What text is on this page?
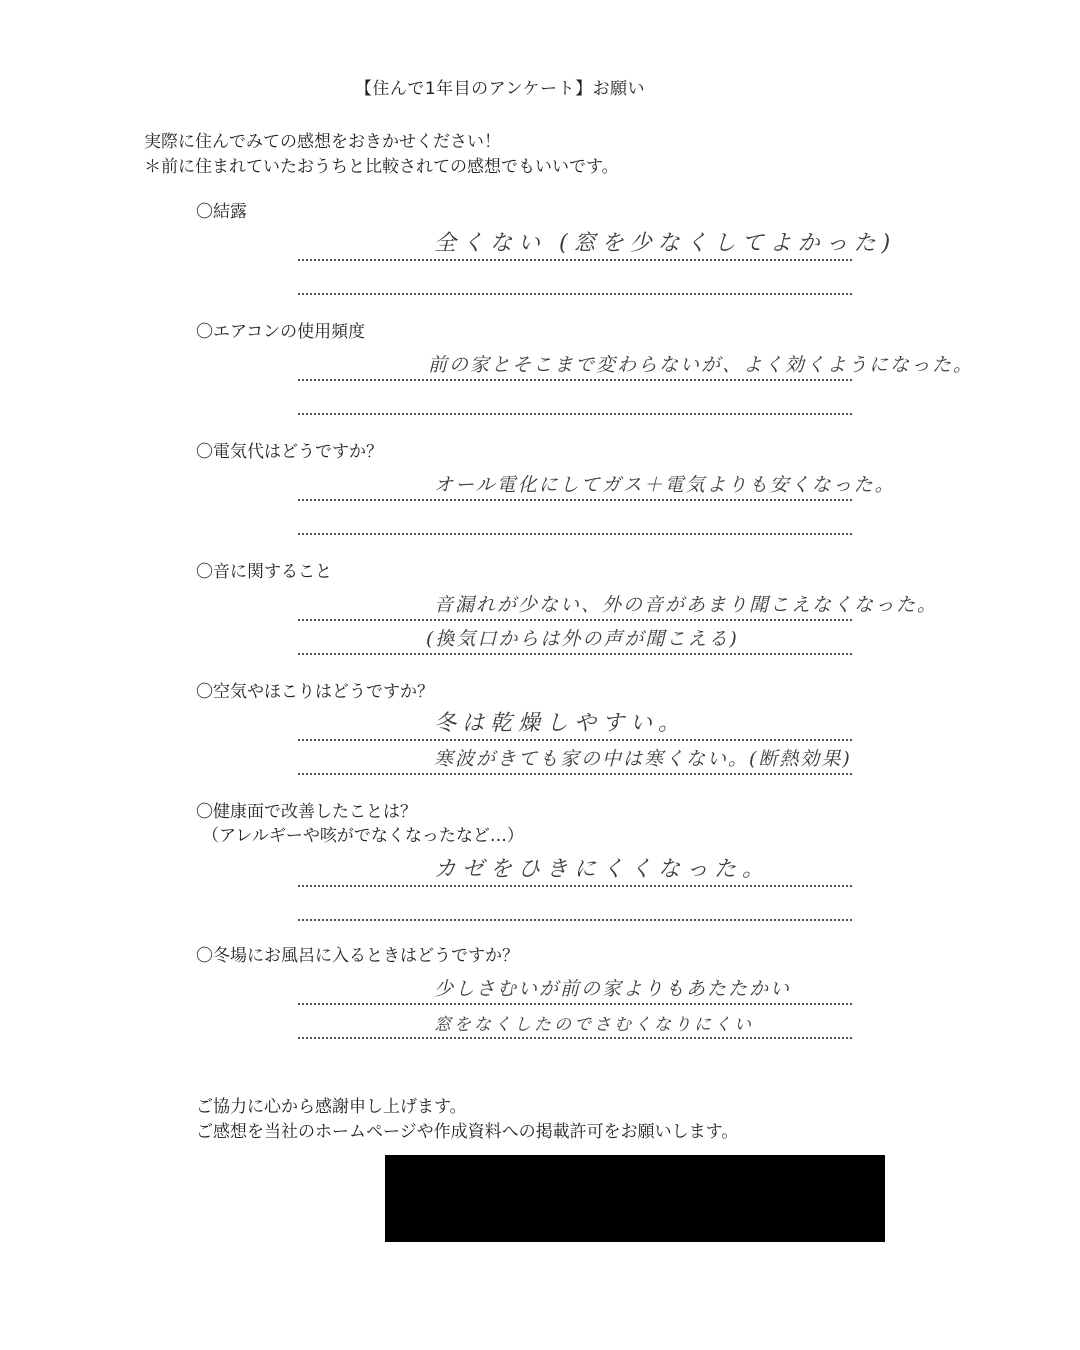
【住んで1年目のアンケート】お願い
実際に住んでみての感想をおきかせください！
＊前に住まれていたおうちと比較されての感想でもいいです。
〇結露
全くない (窓を少なくしてよかった)
〇エアコンの使用頻度
前の家とそこまで変わらないが、よく効くようになった。
〇電気代はどうですか？
オール電化にしてガス＋電気よりも安くなった。
〇音に関すること
音漏れが少ない、外の音があまり聞こえなくなった。
(換気口からは外の声が聞こえる)
〇空気やほこりはどうですか？
冬は乾燥しやすい。
寒波がきても家の中は寒くない。(断熱効果)
〇健康面で改善したことは？
（アレルギーや咳がでなくなったなど…）
カゼをひきにくくなった。
〇冬場にお風呂に入るときはどうですか？
少しさむいが前の家よりもあたたかい
窓をなくしたのでさむくなりにくい
ご協力に心から感謝申し上げます。
ご感想を当社のホームページや作成資料への掲載許可をお願いします。
